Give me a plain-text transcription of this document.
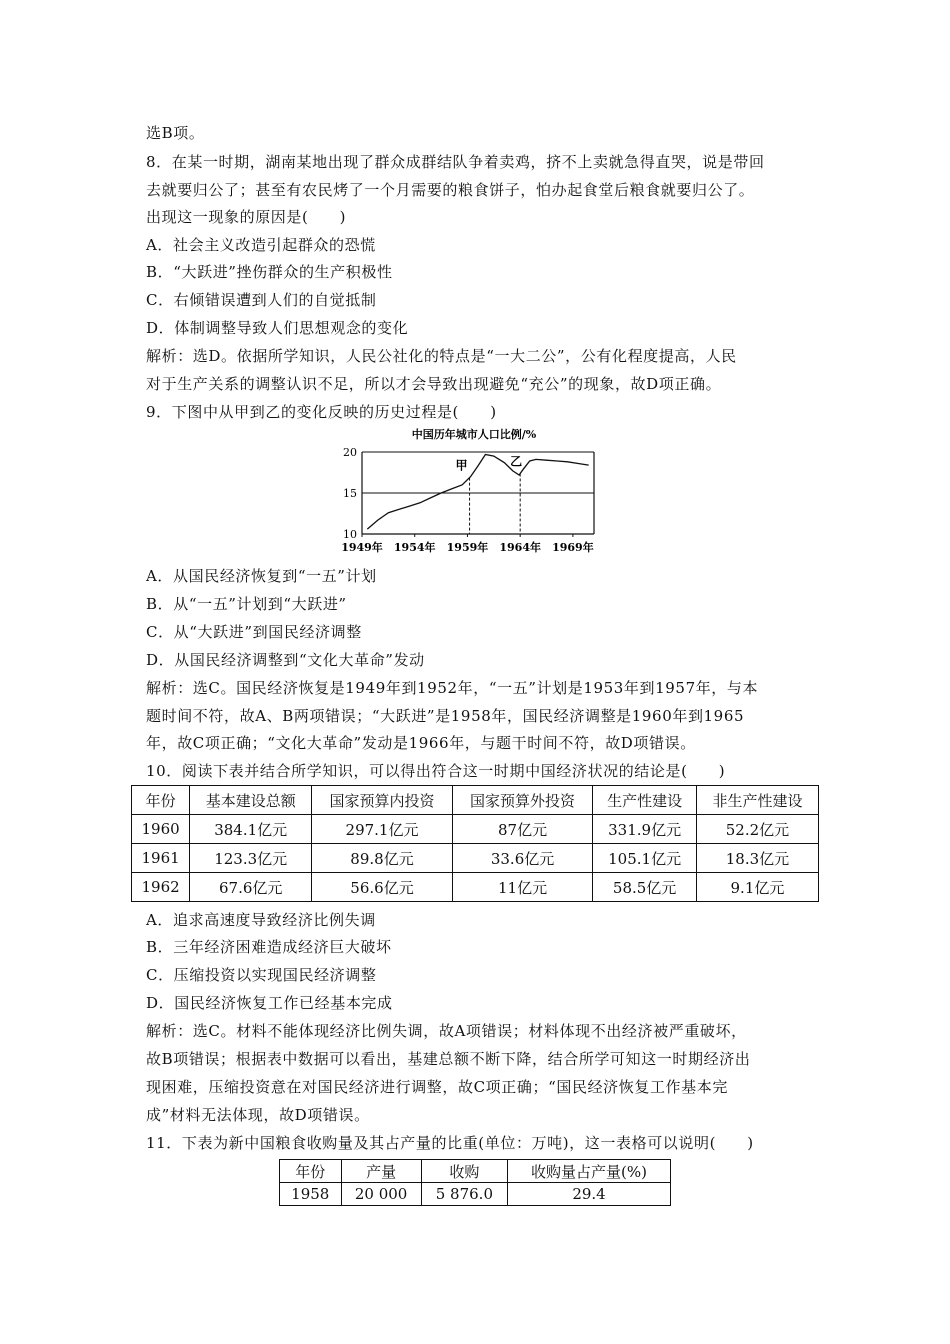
选B项。
8．在某一时期，湖南某地出现了群众成群结队争着卖鸡，挤不上卖就急得直哭，说是带回
去就要归公了；甚至有农民烤了一个月需要的粮食饼子，怕办起食堂后粮食就要归公了。
出现这一现象的原因是(　　)
A．社会主义改造引起群众的恐慌
B．“大跃进”挫伤群众的生产积极性
C．右倾错误遭到人们的自觉抵制
D．体制调整导致人们思想观念的变化
解析：选D。依据所学知识，人民公社化的特点是“一大二公”，公有化程度提高，人民
对于生产关系的调整认识不足，所以才会导致出现避免“充公”的现象，故D项正确。
9．下图中从甲到乙的变化反映的历史过程是(　　)
中国历年城市人口比例/%
10
15
20
1949年 1954年 1959年 1964年 1969年
甲	乙
A．从国民经济恢复到“一五”计划
B．从“一五”计划到“大跃进”
C．从“大跃进”到国民经济调整
D．从国民经济调整到“文化大革命”发动
解析：选C。国民经济恢复是1949年到1952年，“一五”计划是1953年到1957年，与本
题时间不符，故A、B两项错误；“大跃进”是1958年，国民经济调整是1960年到1965
年，故C项正确；“文化大革命”发动是1966年，与题干时间不符，故D项错误。
10．阅读下表并结合所学知识，可以得出符合这一时期中国经济状况的结论是(　　)
年份	基本建设总额	国家预算内投资	国家预算外投资	生产性建设	非生产性建设
1960	384.1亿元	297.1亿元	87亿元	331.9亿元	52.2亿元
1961	123.3亿元	89.8亿元	33.6亿元	105.1亿元	18.3亿元
1962	67.6亿元	56.6亿元	11亿元	58.5亿元	9.1亿元
A．追求高速度导致经济比例失调
B．三年经济困难造成经济巨大破坏
C．压缩投资以实现国民经济调整
D．国民经济恢复工作已经基本完成
解析：选C。材料不能体现经济比例失调，故A项错误；材料体现不出经济被严重破坏，
故B项错误；根据表中数据可以看出，基建总额不断下降，结合所学可知这一时期经济出
现困难，压缩投资意在对国民经济进行调整，故C项正确；“国民经济恢复工作基本完
成”材料无法体现，故D项错误。
11．下表为新中国粮食收购量及其占产量的比重(单位：万吨)，这一表格可以说明(　　)
年份	产量	收购	收购量占产量(%)
1958	20 000	5 876.0	29.4
